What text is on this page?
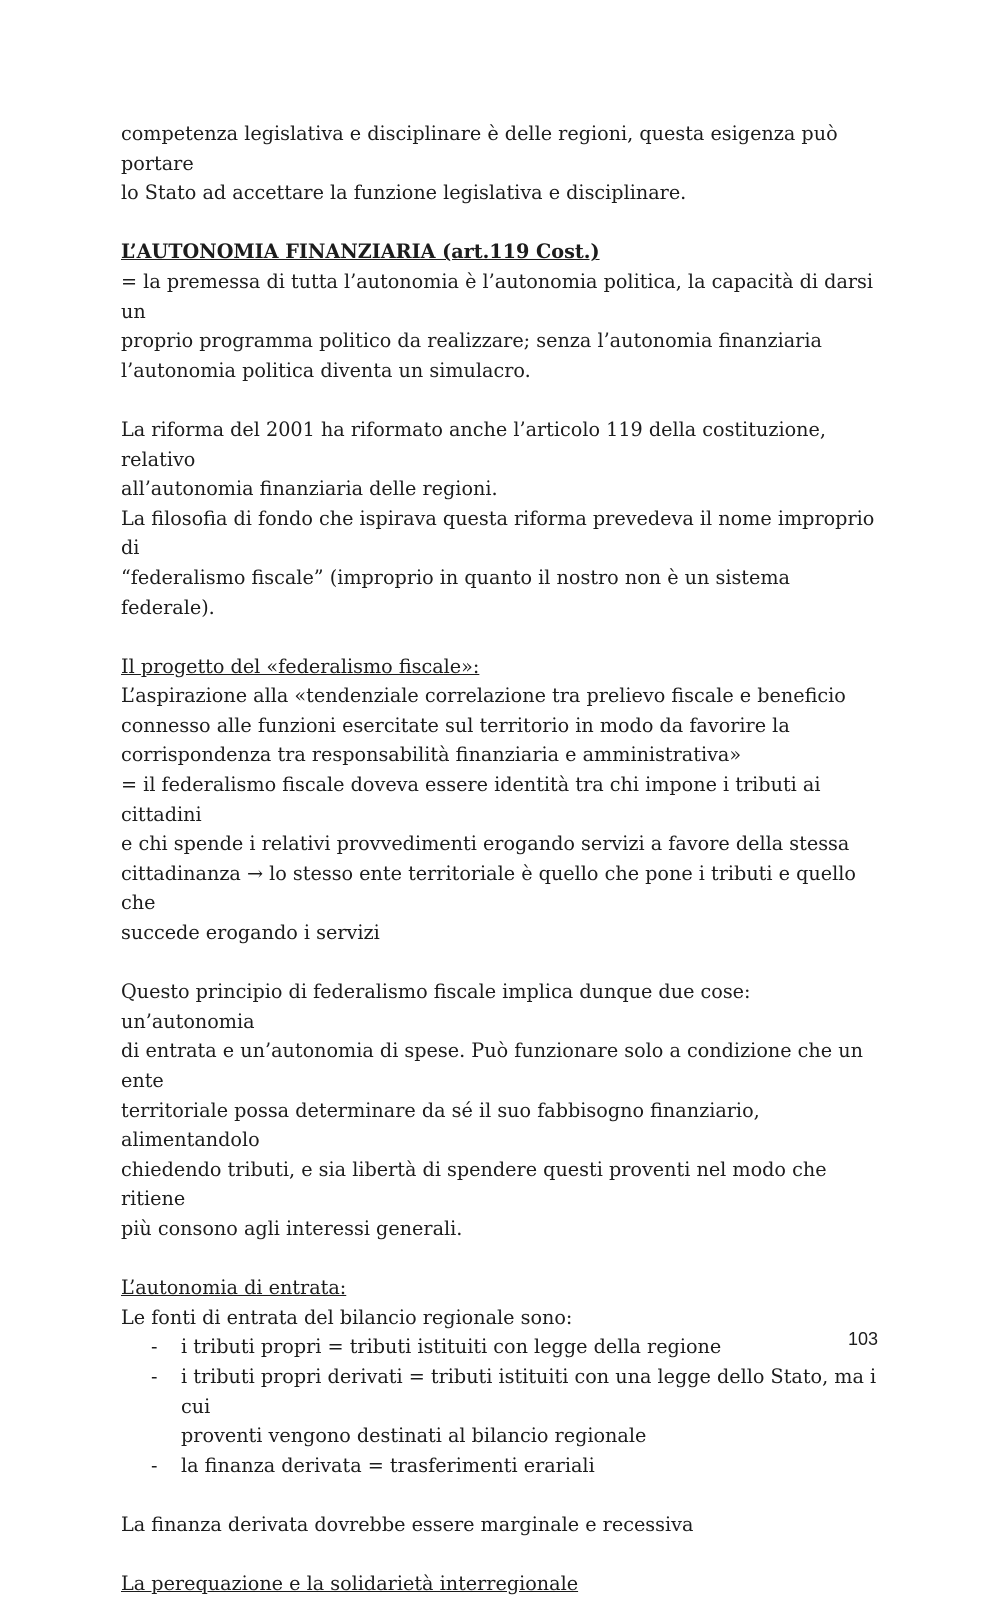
competenza legislativa e disciplinare è delle regioni, questa esigenza può portare

lo Stato ad accettare la funzione legislativa e disciplinare.

L’AUTONOMIA FINANZIARIA (art.119 Cost.)

= la premessa di tutta l’autonomia è l’autonomia politica, la capacità di darsi un

proprio programma politico da realizzare; senza l’autonomia finanziaria

l’autonomia politica diventa un simulacro.

La riforma del 2001 ha riformato anche l’articolo 119 della costituzione, relativo

all’autonomia finanziaria delle regioni.

La filosofia di fondo che ispirava questa riforma prevedeva il nome improprio di

“federalismo fiscale” (improprio in quanto il nostro non è un sistema federale).

Il progetto del «federalismo fiscale»:

L’aspirazione alla «tendenziale correlazione tra prelievo fiscale e beneficio

connesso alle funzioni esercitate sul territorio in modo da favorire la

corrispondenza tra responsabilità finanziaria e amministrativa»

= il federalismo fiscale doveva essere identità tra chi impone i tributi ai cittadini

e chi spende i relativi provvedimenti erogando servizi a favore della stessa

cittadinanza → lo stesso ente territoriale è quello che pone i tributi e quello che

succede erogando i servizi

Questo principio di federalismo fiscale implica dunque due cose: un’autonomia

di entrata e un’autonomia di spese. Può funzionare solo a condizione che un ente

territoriale possa determinare da sé il suo fabbisogno finanziario, alimentandolo

chiedendo tributi, e sia libertà di spendere questi proventi nel modo che ritiene

più consono agli interessi generali.

L’autonomia di entrata:

Le fonti di entrata del bilancio regionale sono:

- i tributi propri = tributi istituiti con legge della regione
- i tributi propri derivati = tributi istituiti con una legge dello Stato, ma i cui
proventi vengono destinati al bilancio regionale
- la finanza derivata = trasferimenti erariali

La finanza derivata dovrebbe essere marginale e recessiva

La perequazione e la solidarietà interregionale

103
